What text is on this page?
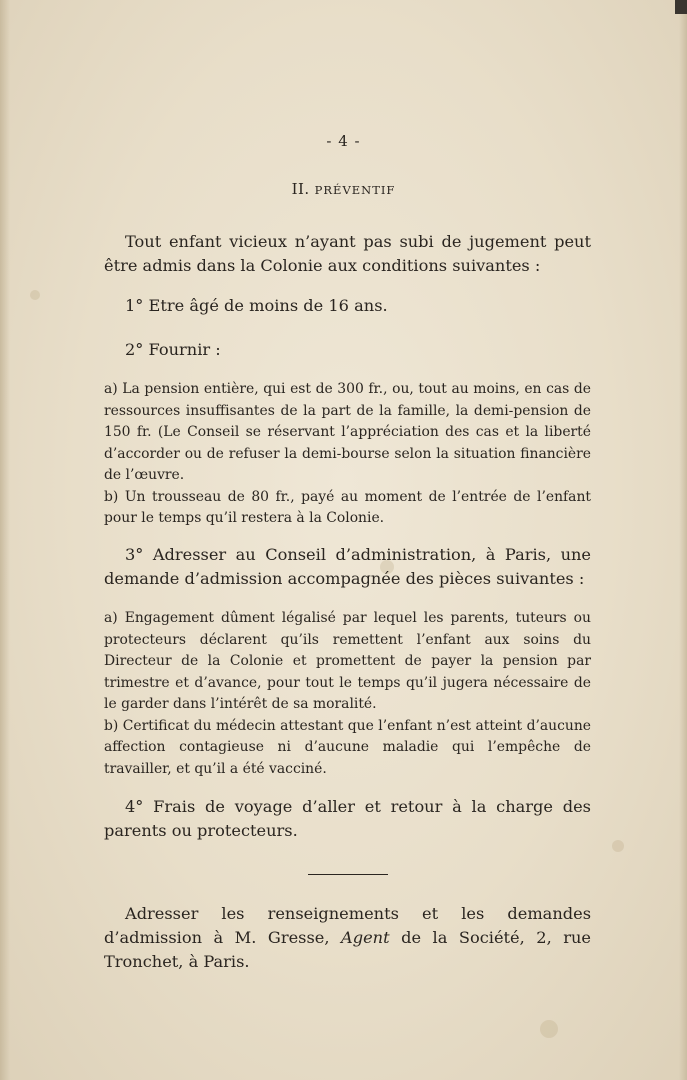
- 4 -
II. PRÉVENTIF

Tout enfant vicieux n’ayant pas subi de jugement peut être admis dans la Colonie aux conditions suivantes :

1° Etre âgé de moins de 16 ans.

2° Fournir :

a) La pension entière, qui est de 300 fr., ou, tout au moins, en cas de ressources insuffisantes de la part de la famille, la demi-pension de 150 fr. (Le Conseil se réservant l’appréciation des cas et la liberté d’accorder ou de refuser la demi-bourse selon la situation financière de l’œuvre.
b) Un trousseau de 80 fr., payé au moment de l’entrée de l’enfant pour le temps qu’il restera à la Colonie.

3° Adresser au Conseil d’administration, à Paris, une demande d’admission accompagnée des pièces suivantes :

a) Engagement dûment légalisé par lequel les parents, tuteurs ou protecteurs déclarent qu’ils remettent l’enfant aux soins du Directeur de la Colonie et promettent de payer la pension par trimestre et d’avance, pour tout le temps qu’il jugera nécessaire de le garder dans l’intérêt de sa moralité.
b) Certificat du médecin attestant que l’enfant n’est atteint d’aucune affection contagieuse ni d’aucune maladie qui l’empêche de travailler, et qu’il a été vacciné.

4° Frais de voyage d’aller et retour à la charge des parents ou protecteurs.

Adresser les renseignements et les demandes d’admission à M. Gresse, Agent de la Société, 2, rue Tronchet, à Paris.
